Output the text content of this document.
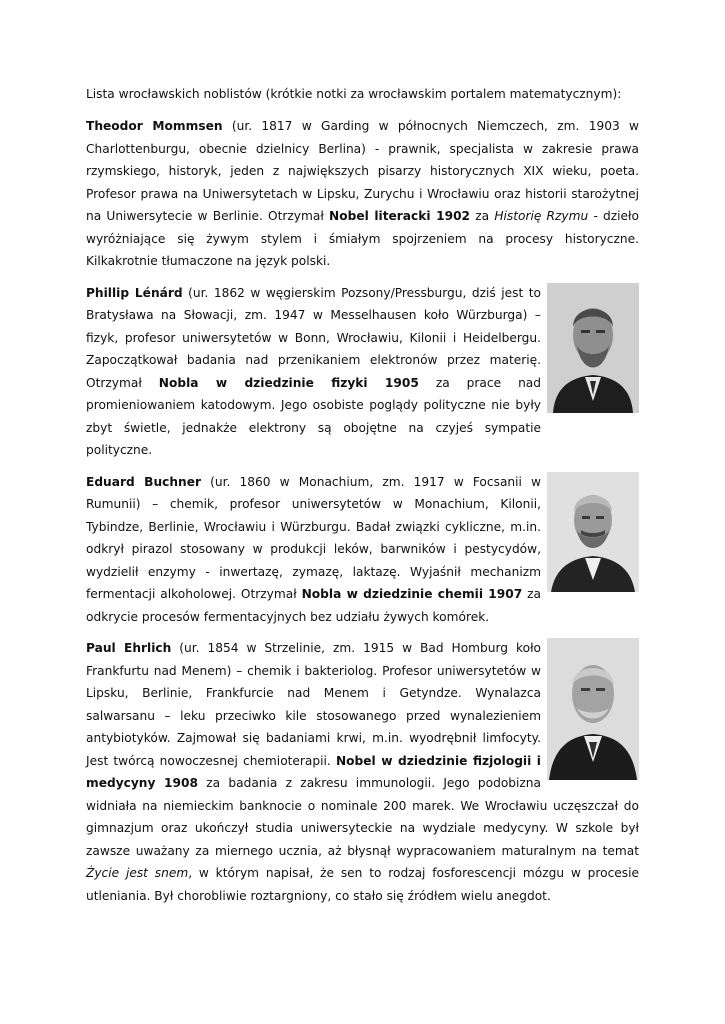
Lista wrocławskich noblistów (krótkie notki za wrocławskim portalem matematycznym):

Theodor Mommsen (ur. 1817 w Garding w północnych Niemczech, zm. 1903 w Charlottenburgu, obecnie dzielnicy Berlina) - prawnik, specjalista w zakresie prawa rzymskiego, historyk, jeden z największych pisarzy historycznych XIX wieku, poeta. Profesor prawa na Uniwersytetach w Lipsku, Zurychu i Wrocławiu oraz historii starożytnej na Uniwersytecie w Berlinie. Otrzymał Nobel literacki 1902 za Historię Rzymu - dzieło wyróżniające się żywym stylem i śmiałym spojrzeniem na procesy historyczne. Kilkakrotnie tłumaczone na język polski.

Phillip Lénárd (ur. 1862 w węgierskim Pozsony/Pressburgu, dziś jest to Bratysława na Słowacji, zm. 1947 w Messelhausen koło Würzburga) – fizyk, profesor uniwersytetów w Bonn, Wrocławiu, Kilonii i Heidelbergu. Zapoczątkował badania nad przenikaniem elektronów przez materię. Otrzymał Nobla w dziedzinie fizyki 1905 za prace nad promieniowaniem katodowym. Jego osobiste poglądy polityczne nie były zbyt świetle, jednakże elektrony są obojętne na czyjeś sympatie polityczne.

Eduard Buchner (ur. 1860 w Monachium, zm. 1917 w Focsanii w Rumunii) – chemik, profesor uniwersytetów w Monachium, Kilonii, Tybindze, Berlinie, Wrocławiu i Würzburgu. Badał związki cykliczne, m.in. odkrył pirazol stosowany w produkcji leków, barwników i pestycydów, wydzielił enzymy - inwertazę, zymazę, laktazę. Wyjaśnił mechanizm fermentacji alkoholowej. Otrzymał Nobla w dziedzinie chemii 1907 za odkrycie procesów fermentacyjnych bez udziału żywych komórek.

Paul Ehrlich (ur. 1854 w Strzelinie, zm. 1915 w Bad Homburg koło Frankfurtu nad Menem) – chemik i bakteriolog. Profesor uniwersytetów w Lipsku, Berlinie, Frankfurcie nad Menem i Getyndze. Wynalazca salwarsanu – leku przeciwko kile stosowanego przed wynalezieniem antybiotyków. Zajmował się badaniami krwi, m.in. wyodrębnił limfocyty. Jest twórcą nowoczesnej chemioterapii. Nobel w dziedzinie fizjologii i medycyny 1908 za badania z zakresu immunologii. Jego podobizna widniała na niemieckim banknocie o nominale 200 marek. We Wrocławiu uczęszczał do gimnazjum oraz ukończył studia uniwersyteckie na wydziale medycyny. W szkole był zawsze uważany za miernego ucznia, aż błysnął wypracowaniem maturalnym na temat Życie jest snem, w którym napisał, że sen to rodzaj fosforescencji mózgu w procesie utleniania. Był chorobliwie roztargniony, co stało się źródłem wielu anegdot.
